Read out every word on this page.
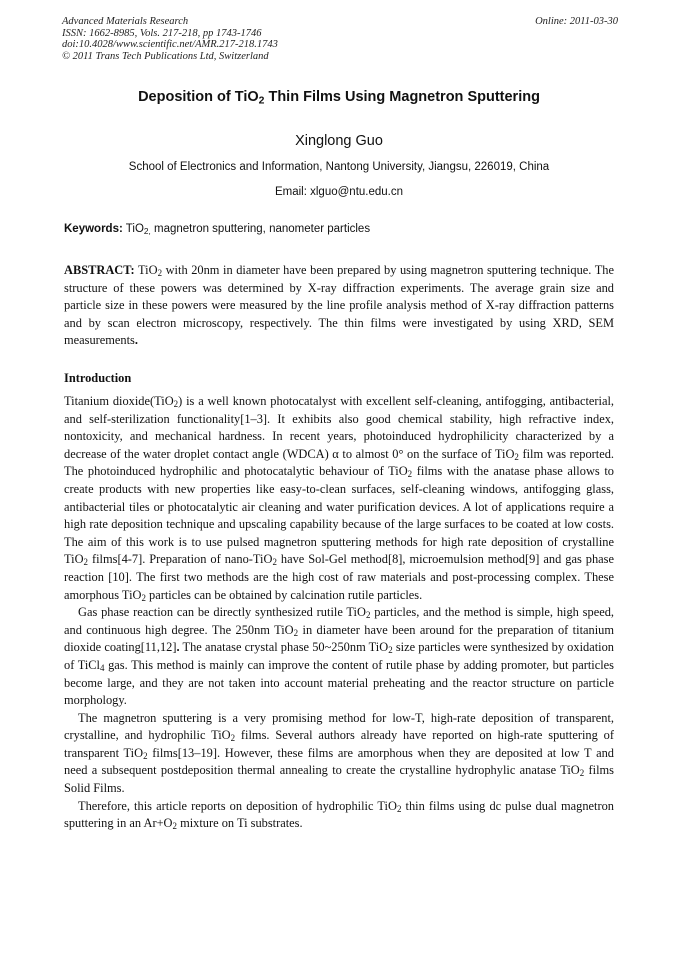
Advanced Materials Research
ISSN: 1662-8985, Vols. 217-218, pp 1743-1746
doi:10.4028/www.scientific.net/AMR.217-218.1743
© 2011 Trans Tech Publications Ltd, Switzerland
Online: 2011-03-30
Deposition of TiO$_2$ Thin Films Using Magnetron Sputtering
Xinglong Guo
School of Electronics and Information, Nantong University, Jiangsu, 226019, China
Email: xlguo@ntu.edu.cn
Keywords: TiO$_{2,}$ magnetron sputtering, nanometer particles
ABSTRACT: TiO$_2$ with 20nm in diameter have been prepared by using magnetron sputtering technique. The structure of these powers was determined by X-ray diffraction experiments. The average grain size and particle size in these powers were measured by the line profile analysis method of X-ray diffraction patterns and by scan electron microscopy, respectively. The thin films were investigated by using XRD, SEM measurements.
Introduction

Titanium dioxide(TiO$_2$) is a well known photocatalyst with excellent self-cleaning, antifogging, antibacterial, and self-sterilization functionality[1–3]. It exhibits also good chemical stability, high refractive index, nontoxicity, and mechanical hardness. In recent years, photoinduced hydrophilicity characterized by a decrease of the water droplet contact angle (WDCA) α to almost 0° on the surface of TiO$_2$ film was reported. The photoinduced hydrophilic and photocatalytic behaviour of TiO$_2$ films with the anatase phase allows to create products with new properties like easy-to-clean surfaces, self-cleaning windows, antifogging glass, antibacterial tiles or photocatalytic air cleaning and water purification devices. A lot of applications require a high rate deposition technique and upscaling capability because of the large surfaces to be coated at low costs. The aim of this work is to use pulsed magnetron sputtering methods for high rate deposition of crystalline TiO$_2$ films[4-7]. Preparation of nano-TiO$_2$ have Sol-Gel method[8], microemulsion method[9] and gas phase reaction [10]. The first two methods are the high cost of raw materials and post-processing complex. These amorphous TiO$_2$ particles can be obtained by calcination rutile particles.

Gas phase reaction can be directly synthesized rutile TiO$_2$ particles, and the method is simple, high speed, and continuous high degree. The 250nm TiO$_2$ in diameter have been around for the preparation of titanium dioxide coating[11,12]. The anatase crystal phase 50~250nm TiO$_2$ size particles were synthesized by oxidation of TiCl$_4$ gas. This method is mainly can improve the content of rutile phase by adding promoter, but particles become large, and they are not taken into account material preheating and the reactor structure on particle morphology.

The magnetron sputtering is a very promising method for low-T, high-rate deposition of transparent, crystalline, and hydrophilic TiO$_2$ films. Several authors already have reported on high-rate sputtering of transparent TiO$_2$ films[13–19]. However, these films are amorphous when they are deposited at low T and need a subsequent postdeposition thermal annealing to create the crystalline hydrophylic anatase TiO$_2$ films Solid Films.

Therefore, this article reports on deposition of hydrophilic TiO$_2$ thin films using dc pulse dual magnetron sputtering in an $Ar+O_2$ mixture on Ti substrates.
